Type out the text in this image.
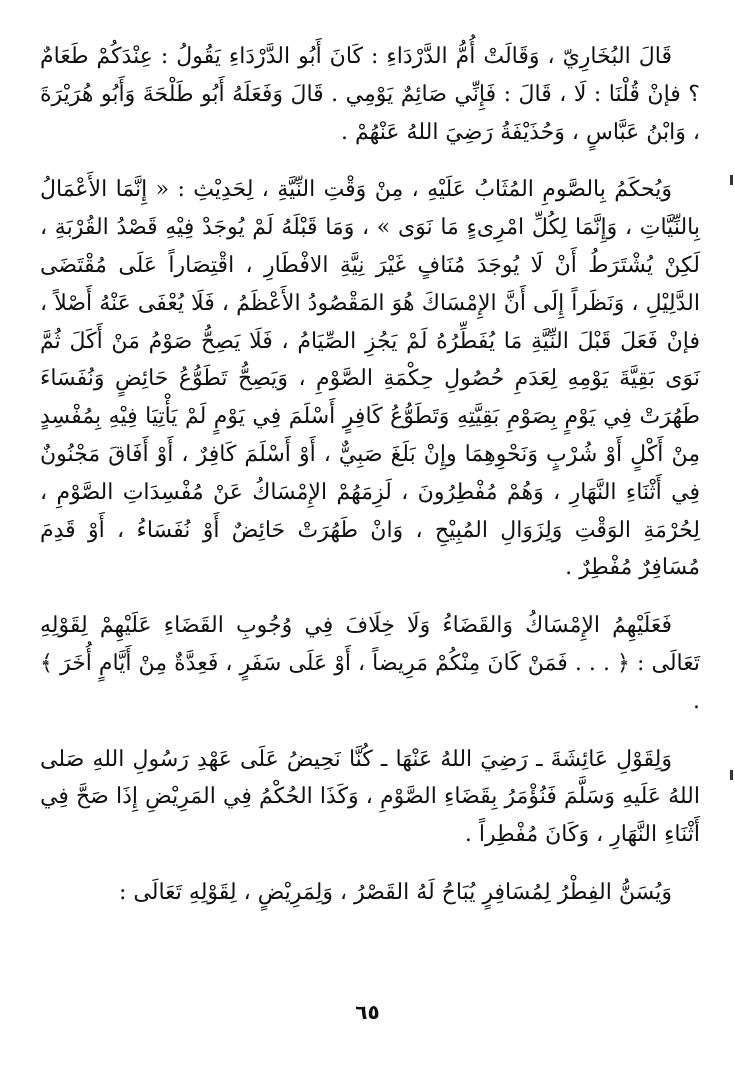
قَالَ البُخَارِيّ ، وَقَالَتْ أُمُّ الدَّرْدَاءِ : كَانَ أَبُو الدَّرْدَاءِ يَقُولُ : عِنْدَكُمْ طَعَامٌ ؟ فإنْ قُلْنَا : لَا ، قَالَ : فَإِنِّي صَائِمٌ يَوْمِي . قَالَ وَفَعَلَهُ أَبُو طَلْحَةَ وَأَبُو هُرَيْرَةَ ، وَابْنُ عَبَّاسٍ ، وَحُذَيْفَةُ رَضِيَ اللهُ عَنْهُمْ .

وَيُحكَمُ بِالصَّومِ المُثَابُ عَلَيْهِ ، مِنْ وَقْتِ النِّيَّةِ ، لِحَدِيْثِ : « إِنَّمَا الأَعْمَالُ بِالنِّيَّاتِ ، وَإِنَّمَا لِكُلِّ امْرِىءٍ مَا نَوَى » ، وَمَا قَبْلَهُ لَمْ يُوجَدْ فِيْهِ قَصْدُ القُرْبَةِ ، لَكِنْ يُشْتَرَطُ أَنْ لَا يُوجَدَ مُنَافٍ غَيْرَ نِيَّةِ الافْطَارِ ، اقْتِصَاراً عَلَى مُقْتَضَى الدَّلِيْلِ ، وَنَظَراً إِلَى أَنَّ الإِمْسَاكَ هُوَ المَقْصُودُ الأَعْظَمُ ، فَلَا يُعْفَى عَنْهُ أَصْلاً ، فإنْ فَعَلَ قَبْلَ النِّيَّةِ مَا يُفَطِّرُهُ لَمْ يَجُزِ الصِّيَامُ ، فَلَا يَصِحُّ صَوْمُ مَنْ أَكَلَ ثُمَّ نَوَى بَقِيَّةَ يَوْمِهِ لِعَدَمِ حُصُولِ حِكْمَةِ الصَّوْمِ ، وَيَصِحُّ تَطَوُّعُ حَائِضٍ وَنُفَسَاءَ طَهُرَتْ فِي يَوْمٍ بِصَوْمِ بَقِيَّتِهِ وَتَطَوُّعُ كَافِرٍ أَسْلَمَ فِي يَوْمٍ لَمْ يَأْتِيَا فِيْهِ بِمُفْسِدٍ مِنْ أَكْلٍ أَوْ شُرْبٍ وَنَحْوِهِمَا وإِنْ بَلَغَ صَبِيٌّ ، أَوْ أَسْلَمَ كَافِرٌ ، أَوْ أَفَاقَ مَجْنُونٌ فِي أَثْنَاءِ النَّهَارِ ، وَهُمْ مُفْطِرُونَ ، لَزِمَهُمْ الإِمْسَاكُ عَنْ مُفْسِدَاتِ الصَّوْمِ ، لِحُرْمَةِ الوَقْتِ وَلِزَوَالِ المُبِيْحِ ، وَانْ طَهُرَتْ حَائِضٌ أَوْ نُفَسَاءُ ، أَوْ قَدِمَ مُسَافِرٌ مُفْطِرٌ .

فَعَلَيْهِمُ الإِمْسَاكُ وَالقَضَاءُ وَلَا خِلَافَ فِي وُجُوبِ القَضَاءِ عَلَيْهِمْ لِقَوْلِهِ تَعَالَى : ﴿ . . . فَمَنْ كَانَ مِنْكُمْ مَرِيضاً ، أَوْ عَلَى سَفَرٍ ، فَعِدَّةٌ مِنْ أَيَّامٍ أُخَرَ ﴾ .

وَلِقَوْلِ عَائِشَةَ ـ رَضِيَ اللهُ عَنْهَا ـ كُنَّا نَحِيضُ عَلَى عَهْدِ رَسُولِ اللهِ صَلى اللهُ عَلَيهِ وَسَلَّمَ فَنُؤْمَرُ بِقَضَاءِ الصَّوْمِ ، وَكَذَا الحُكْمُ فِي المَرِيْضِ إِذَا صَحَّ فِي أَثْنَاءِ النَّهَارِ ، وَكَانَ مُفْطِراً .

وَيُسَنُّ الفِطْرُ لِمُسَافِرٍ يُبَاحُ لَهُ القَصْرُ ، وَلِمَرِيْضٍ ، لِقَوْلِهِ تَعَالَى :

٦٥
